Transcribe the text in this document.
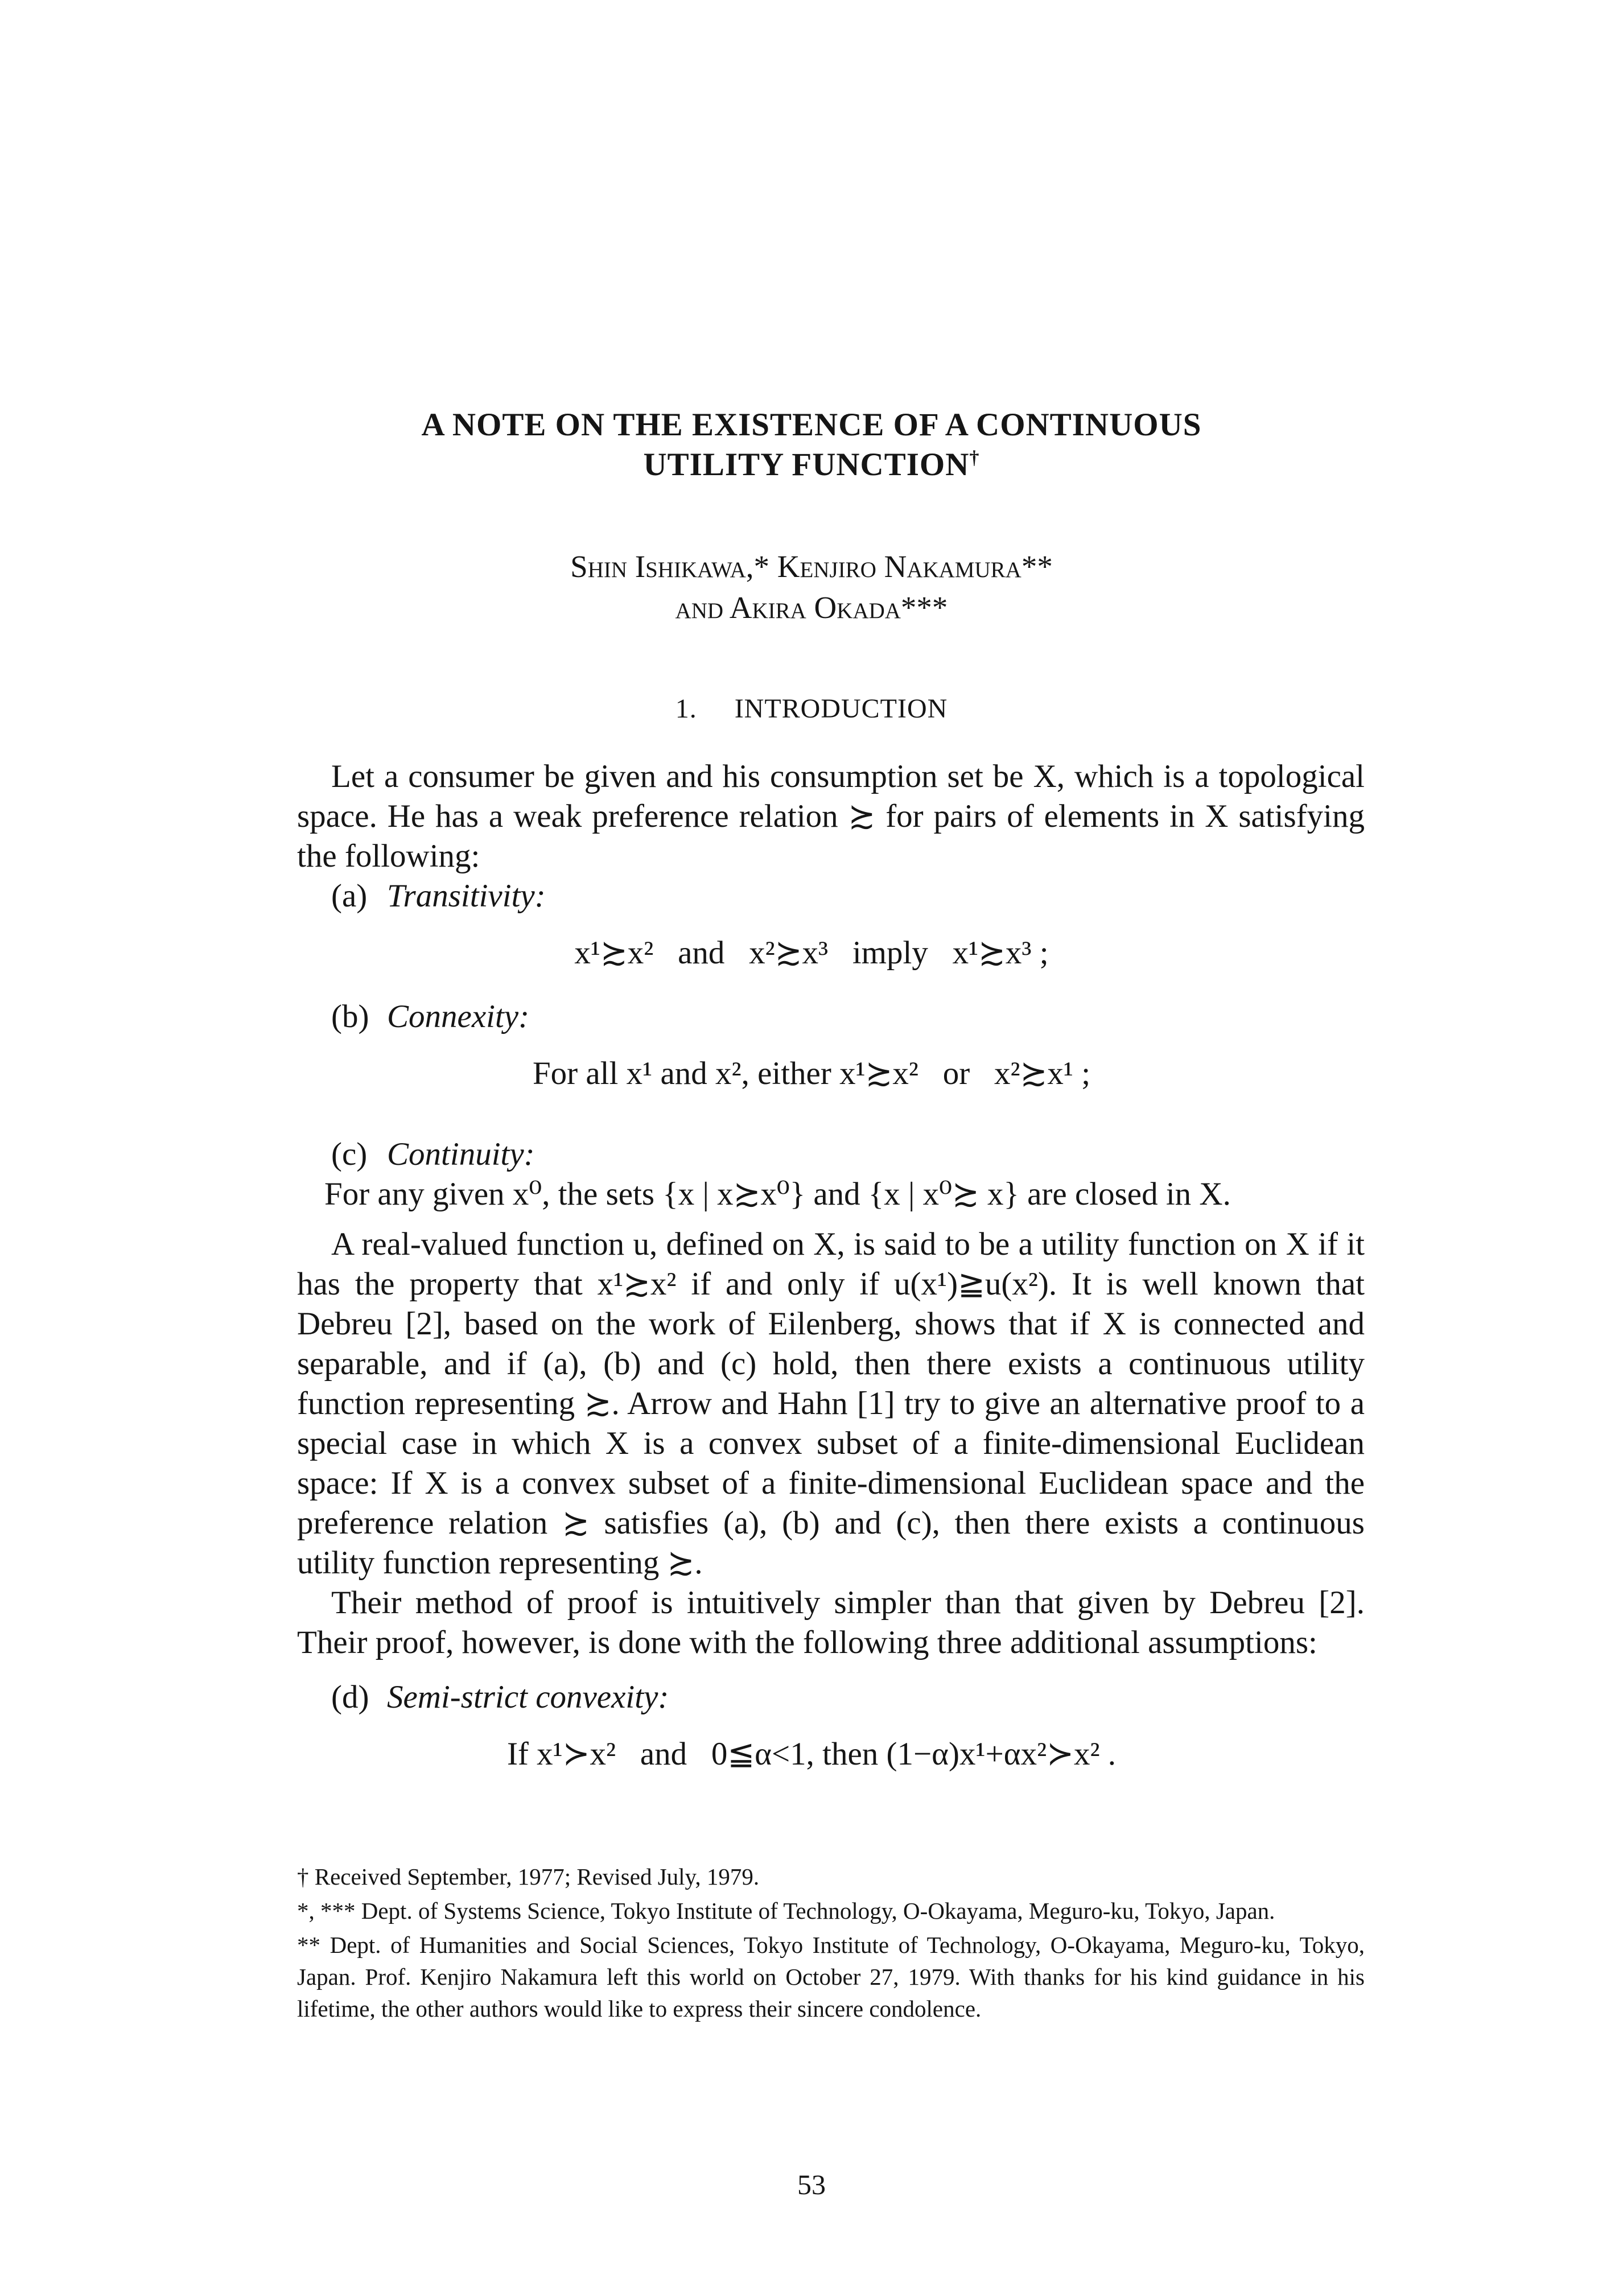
A NOTE ON THE EXISTENCE OF A CONTINUOUS
UTILITY FUNCTION†
Shin Ishikawa,* Kenjiro Nakamura**
and Akira Okada***
1. INTRODUCTION

Let a consumer be given and his consumption set be X, which is a topological space. He has a weak preference relation ≿ for pairs of elements in X satisfying the following:

(a) Transitivity:
x¹≿x²   and   x²≿x³   imply   x¹≿x³ ;
(b) Connexity:
For all x¹ and x², either x¹≿x²   or   x²≿x¹ ;
(c) Continuity:
For any given x⁰, the sets {x | x≿x⁰} and {x | x⁰≿ x} are closed in X.

A real-valued function u, defined on X, is said to be a utility function on X if it has the property that x¹≿x² if and only if u(x¹)≧u(x²). It is well known that Debreu [2], based on the work of Eilenberg, shows that if X is connected and separable, and if (a), (b) and (c) hold, then there exists a continuous utility function representing ≿. Arrow and Hahn [1] try to give an alternative proof to a special case in which X is a convex subset of a finite-dimensional Euclidean space: If X is a convex subset of a finite-dimensional Euclidean space and the preference relation ≿ satisfies (a), (b) and (c), then there exists a continuous utility function representing ≿.

Their method of proof is intuitively simpler than that given by Debreu [2]. Their proof, however, is done with the following three additional assumptions:

(d) Semi-strict convexity:
If x¹≻x²   and   0≦α<1, then (1−α)x¹+αx²≻x² .

† Received September, 1977; Revised July, 1979.

*, *** Dept. of Systems Science, Tokyo Institute of Technology, O-Okayama, Meguro-ku, Tokyo, Japan.

** Dept. of Humanities and Social Sciences, Tokyo Institute of Technology, O-Okayama, Meguro-ku, Tokyo, Japan. Prof. Kenjiro Nakamura left this world on October 27, 1979. With thanks for his kind guidance in his lifetime, the other authors would like to express their sincere condolence.

53
